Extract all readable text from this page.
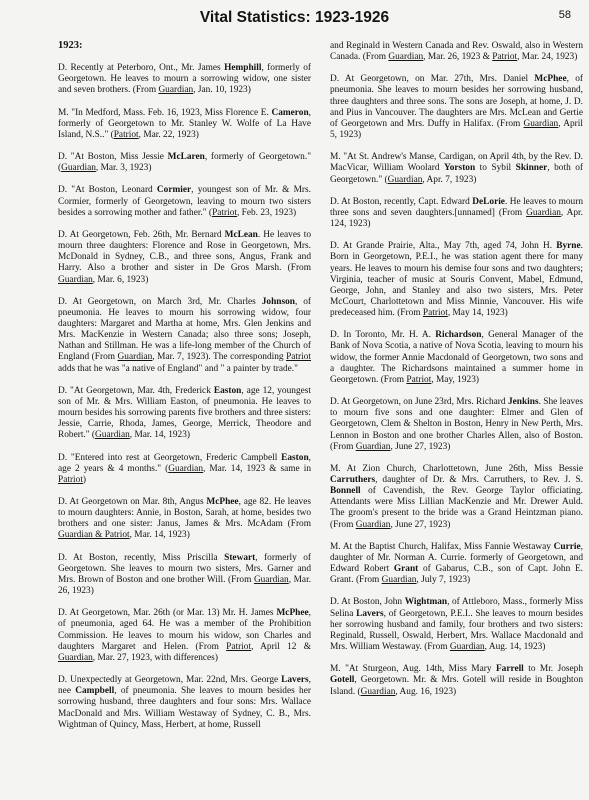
Vital Statistics: 1923-1926	58
1923:

D. Recently at Peterboro, Ont., Mr. James Hemphill, formerly of Georgetown. He leaves to mourn a sorrowing widow, one sister and seven brothers. (From Guardian, Jan. 10, 1923)

M. "In Medford, Mass. Feb. 16, 1923, Miss Florence E. Cameron, formerly of Georgetown to Mr. Stanley W. Wolfe of La Have Island, N.S.." (Patriot, Mar. 22, 1923)

D. "At Boston, Miss Jessie McLaren, formerly of Georgetown." (Guardian, Mar. 3, 1923)

D. "At Boston, Leonard Cormier, youngest son of Mr. & Mrs. Cormier, formerly of Georgetown, leaving to mourn two sisters besides a sorrowing mother and father." (Patriot, Feb. 23, 1923)

D. At Georgetown, Feb. 26th, Mr. Bernard McLean. He leaves to mourn three daughters: Florence and Rose in Georgetown, Mrs. McDonald in Sydney, C.B., and three sons, Angus, Frank and Harry. Also a brother and sister in De Gros Marsh. (From Guardian, Mar. 6, 1923)

D. At Georgetown, on March 3rd, Mr. Charles Johnson, of pneumonia. He leaves to mourn his sorrowing widow, four daughters: Margaret and Martha at home, Mrs. Glen Jenkins and Mrs. MacKenzie in Western Canada; also three sons; Joseph, Nathan and Stillman. He was a life-long member of the Church of England (From Guardian, Mar. 7, 1923). The corresponding Patriot adds that he was "a native of England" and " a painter by trade."

D. "At Georgetown, Mar. 4th, Frederick Easton, age 12, youngest son of Mr. & Mrs. William Easton, of pneumonia. He leaves to mourn besides his sorrowing parents five brothers and three sisters: Jessie, Carrie, Rhoda, James, George, Merrick, Theodore and Robert." (Guardian, Mar. 14, 1923)

D. "Entered into rest at Georgetown, Frederic Campbell Easton, age 2 years & 4 months." (Guardian, Mar. 14, 1923 & same in Patriot)

D. At Georgetown on Mar. 8th, Angus McPhee, age 82. He leaves to mourn daughters: Annie, in Boston, Sarah, at home, besides two brothers and one sister: Janus, James & Mrs. McAdam (From Guardian & Patriot, Mar. 14, 1923)

D. At Boston, recently, Miss Priscilla Stewart, formerly of Georgetown. She leaves to mourn two sisters, Mrs. Garner and Mrs. Brown of Boston and one brother Will. (From Guardian, Mar. 26, 1923)

D. At Georgetown, Mar. 26th (or Mar. 13) Mr. H. James McPhee, of pneumonia, aged 64. He was a member of the Prohibition Commission. He leaves to mourn his widow, son Charles and daughters Margaret and Helen. (From Patriot, April 12 & Guardian, Mar. 27, 1923, with differences)

D. Unexpectedly at Georgetown, Mar. 22nd, Mrs. George Lavers, nee Campbell, of pneumonia. She leaves to mourn besides her sorrowing husband, three daughters and four sons: Mrs. Wallace MacDonald and Mrs. William Westaway of Sydney, C. B., Mrs. Wightman of Quincy, Mass, Herbert, at home, Russell

and Reginald in Western Canada and Rev. Oswald, also in Western Canada. (From Guardian, Mar. 26, 1923 & Patriot, Mar. 24, 1923)

D. At Georgetown, on Mar. 27th, Mrs. Daniel McPhee, of pneumonia. She leaves to mourn besides her sorrowing husband, three daughters and three sons. The sons are Joseph, at home, J. D. and Pius in Vancouver. The daughters are Mrs. McLean and Gertie of Georgetown and Mrs. Duffy in Halifax. (From Guardian, April 5, 1923)

M. "At St. Andrew's Manse, Cardigan, on April 4th, by the Rev. D. MacVicar, William Woolard Yorston to Sybil Skinner, both of Georgetown." (Guardian, Apr. 7, 1923)

D. At Boston, recently, Capt. Edward DeLorie. He leaves to mourn three sons and seven daughters.[unnamed] (From Guardian, Apr. 124, 1923)

D. At Grande Prairie, Alta., May 7th, aged 74, John H. Byrne. Born in Georgetown, P.E.I., he was station agent there for many years. He leaves to mourn his demise four sons and two daughters; Virginia, teacher of music at Souris Convent, Mabel, Edmund, George, John, and Stanley and also two sisters, Mrs. Peter McCourt, Charlottetown and Miss Minnie, Vancouver. His wife predeceased him. (From Patriot, May 14, 1923)

D. In Toronto, Mr. H. A. Richardson, General Manager of the Bank of Nova Scotia, a native of Nova Scotia, leaving to mourn his widow, the former Annie Macdonald of Georgetown, two sons and a daughter. The Richardsons maintained a summer home in Georgetown. (From Patriot, May, 1923)

D. At Georgetown, on June 23rd, Mrs. Richard Jenkins. She leaves to mourn five sons and one daughter: Elmer and Glen of Georgetown, Clem & Shelton in Boston, Henry in New Perth, Mrs. Lennon in Boston and one brother Charles Allen, also of Boston. (From Guardian, June 27, 1923)

M. At Zion Church, Charlottetown, June 26th, Miss Bessie Carruthers, daughter of Dr. & Mrs. Carruthers, to Rev. J. S. Bonnell of Cavendish, the Rev. George Taylor officiating. Attendants were Miss Lillian MacKenzie and Mr. Drewer Auld. The groom's present to the bride was a Grand Heintzman piano. (From Guardian, June 27, 1923)

M. At the Baptist Church, Halifax, Miss Fannie Westaway Currie, daughter of Mr. Norman A. Currie. formerly of Georgetown, and Edward Robert Grant of Gabarus, C.B., son of Capt. John E. Grant. (From Guardian, July 7, 1923)

D. At Boston, John Wightman, of Attleboro, Mass., formerly Miss Selina Lavers, of Georgetown, P.E.I.. She leaves to mourn besides her sorrowing husband and family, four brothers and two sisters: Reginald, Russell, Oswald, Herbert, Mrs. Wallace Macdonald and Mrs. William Westaway. (From Guardian, Aug. 14, 1923)

M. "At Sturgeon, Aug. 14th, Miss Mary Farrell to Mr. Joseph Gotell, Georgetown. Mr. & Mrs. Gotell will reside in Boughton Island. (Guardian, Aug. 16, 1923)
